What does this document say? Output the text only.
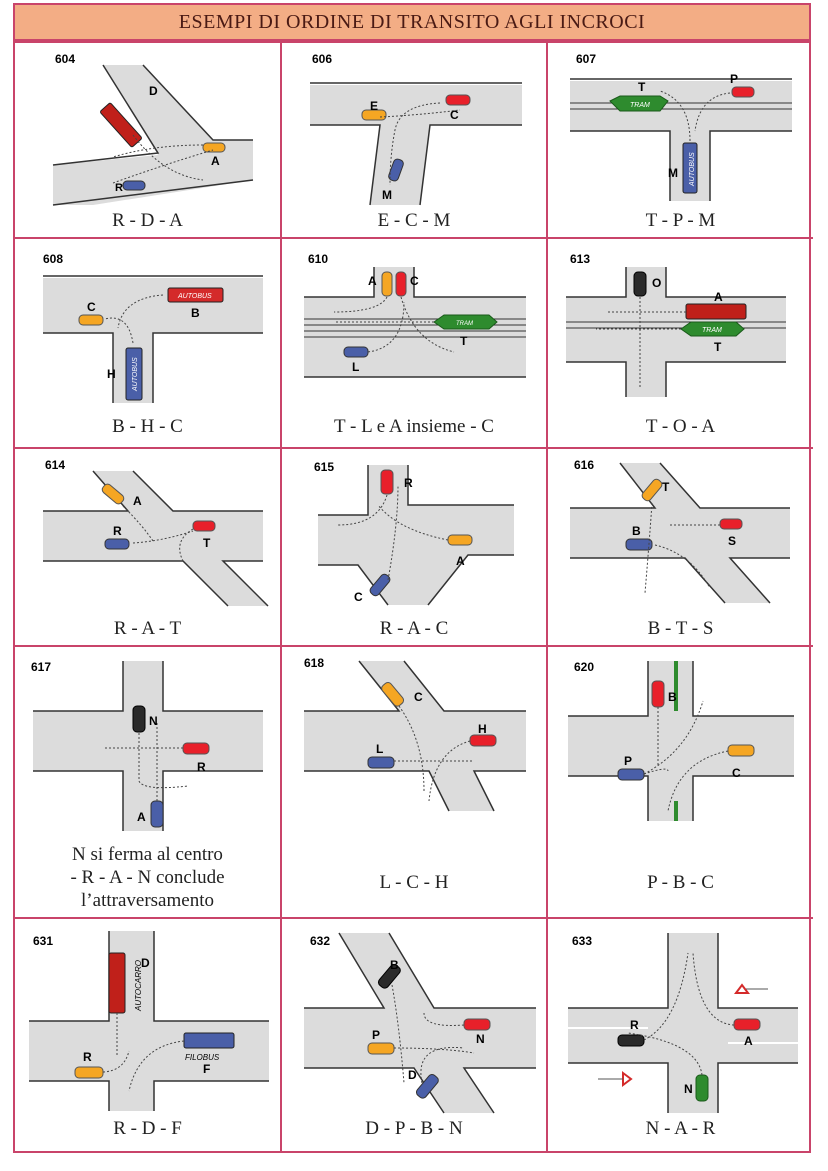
ESEMPI DI ORDINE DI TRANSITO AGLI INCROCI
604
D
A
R
R - D - A
606
E
C
M
E - C - M
607
TRAM
AUTOBUS
T
P
M
T - P - M
608
AUTOBUS
AUTOBUS
C	B
H
B - H - C
610
TRAM
A	C
T
L
T - L e A insieme - C
613
TRAM
O
A
T
T - O - A
614
A
R
T
R - A - T
615
R
A
C
R - A - C
616
T
B
S
B - T - S
617
N
R
A
N si ferma al centro
- R - A - N conclude
l’attraversamento
618
C
H
L
L - C - H
620
B
P
C
P - B - C
631
AUTOCARRO
FILOBUS
D
R
F
R - D - F
632
B
N
P
D
D - P - B - N
633
R
A
N
N - A - R
